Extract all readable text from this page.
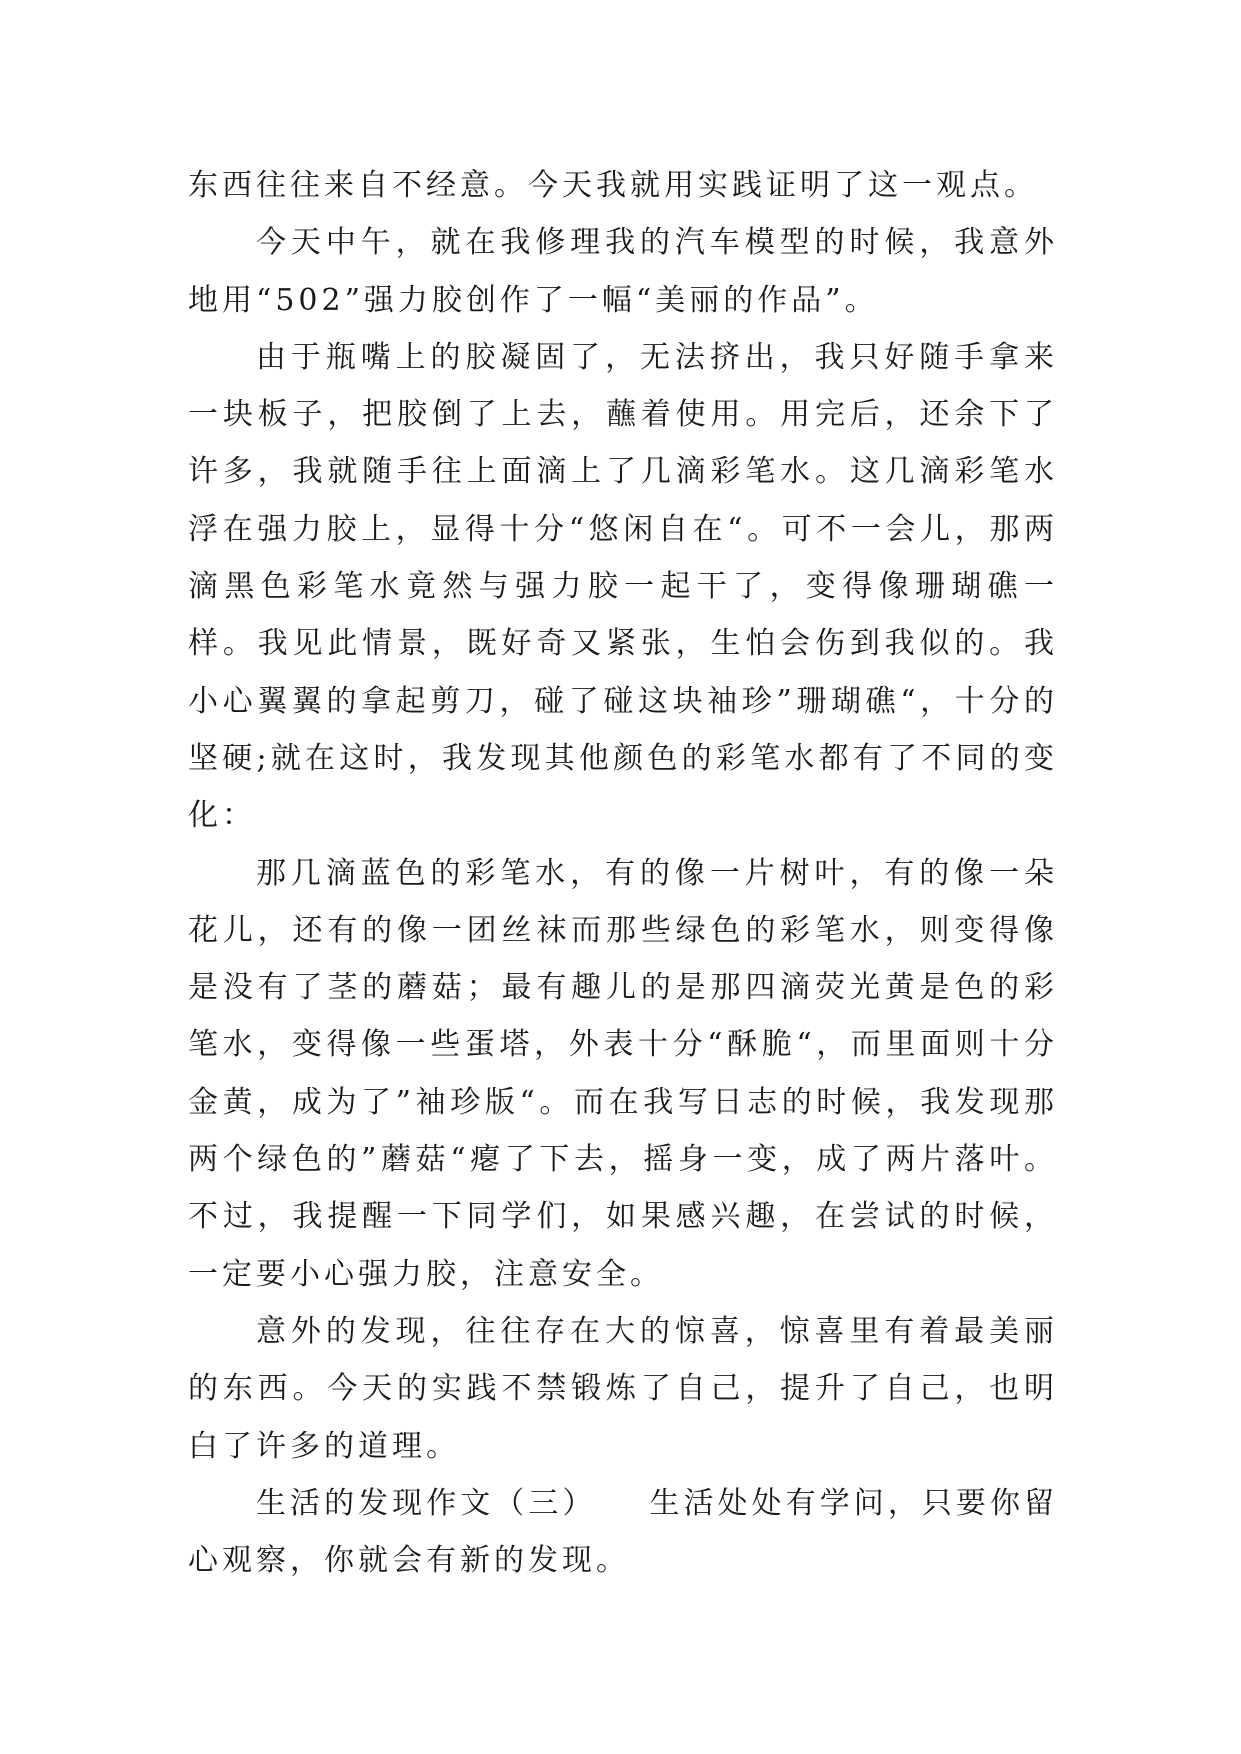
东西往往来自不经意。今天我就用实践证明了这一观点。

今天中午，就在我修理我的汽车模型的时候，我意外地用“502”强力胶创作了一幅“美丽的作品”。

由于瓶嘴上的胶凝固了，无法挤出，我只好随手拿来一块板子，把胶倒了上去，蘸着使用。用完后，还余下了许多，我就随手往上面滴上了几滴彩笔水。这几滴彩笔水浮在强力胶上，显得十分“悠闲自在“。可不一会儿，那两滴黑色彩笔水竟然与强力胶一起干了，变得像珊瑚礁一样。我见此情景，既好奇又紧张，生怕会伤到我似的。我小心翼翼的拿起剪刀，碰了碰这块袖珍”珊瑚礁“，十分的坚硬;就在这时，我发现其他颜色的彩笔水都有了不同的变化：

那几滴蓝色的彩笔水，有的像一片树叶，有的像一朵花儿，还有的像一团丝袜而那些绿色的彩笔水，则变得像是没有了茎的蘑菇；最有趣儿的是那四滴荧光黄是色的彩笔水，变得像一些蛋塔，外表十分“酥脆“，而里面则十分金黄，成为了”袖珍版“。而在我写日志的时候，我发现那两个绿色的”蘑菇“瘪了下去，摇身一变，成了两片落叶。不过，我提醒一下同学们，如果感兴趣，在尝试的时候，一定要小心强力胶，注意安全。

意外的发现，往往存在大的惊喜，惊喜里有着最美丽的东西。今天的实践不禁锻炼了自己，提升了自己，也明白了许多的道理。

生活的发现作文（三）　　生活处处有学问，只要你留心观察，你就会有新的发现。
